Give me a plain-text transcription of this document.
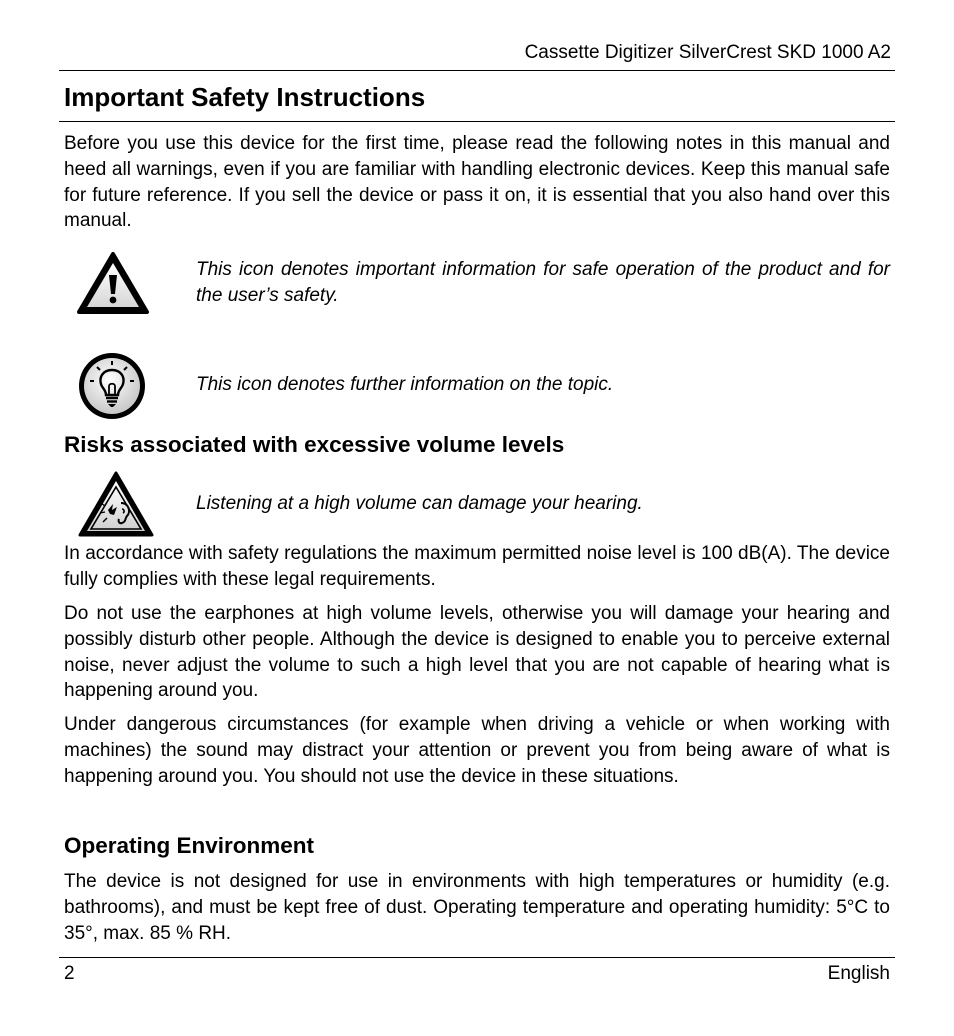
Cassette Digitizer SilverCrest SKD 1000 A2
Important Safety Instructions
Before you use this device for the first time, please read the following notes in this manual and heed all warnings, even if you are familiar with handling electronic devices. Keep this manual safe for future reference. If you sell the device or pass it on, it is essential that you also hand over this manual.
This icon denotes important information for safe operation of the product and for the user’s safety.
This icon denotes further information on the topic.
Risks associated with excessive volume levels
Listening at a high volume can damage your hearing.
In accordance with safety regulations the maximum permitted noise level is 100 dB(A). The device fully complies with these legal requirements.
Do not use the earphones at high volume levels, otherwise you will damage your hearing and possibly disturb other people. Although the device is designed to enable you to perceive external noise, never adjust the volume to such a high level that you are not capable of hearing what is happening around you.
Under dangerous circumstances (for example when driving a vehicle or when working with machines) the sound may distract your attention or prevent you from being aware of what is happening around you. You should not use the device in these situations.
Operating Environment
The device is not designed for use in environments with high temperatures or humidity (e.g. bathrooms), and must be kept free of dust. Operating temperature and operating humidity: 5°C to 35°, max. 85 % RH.
2	English
